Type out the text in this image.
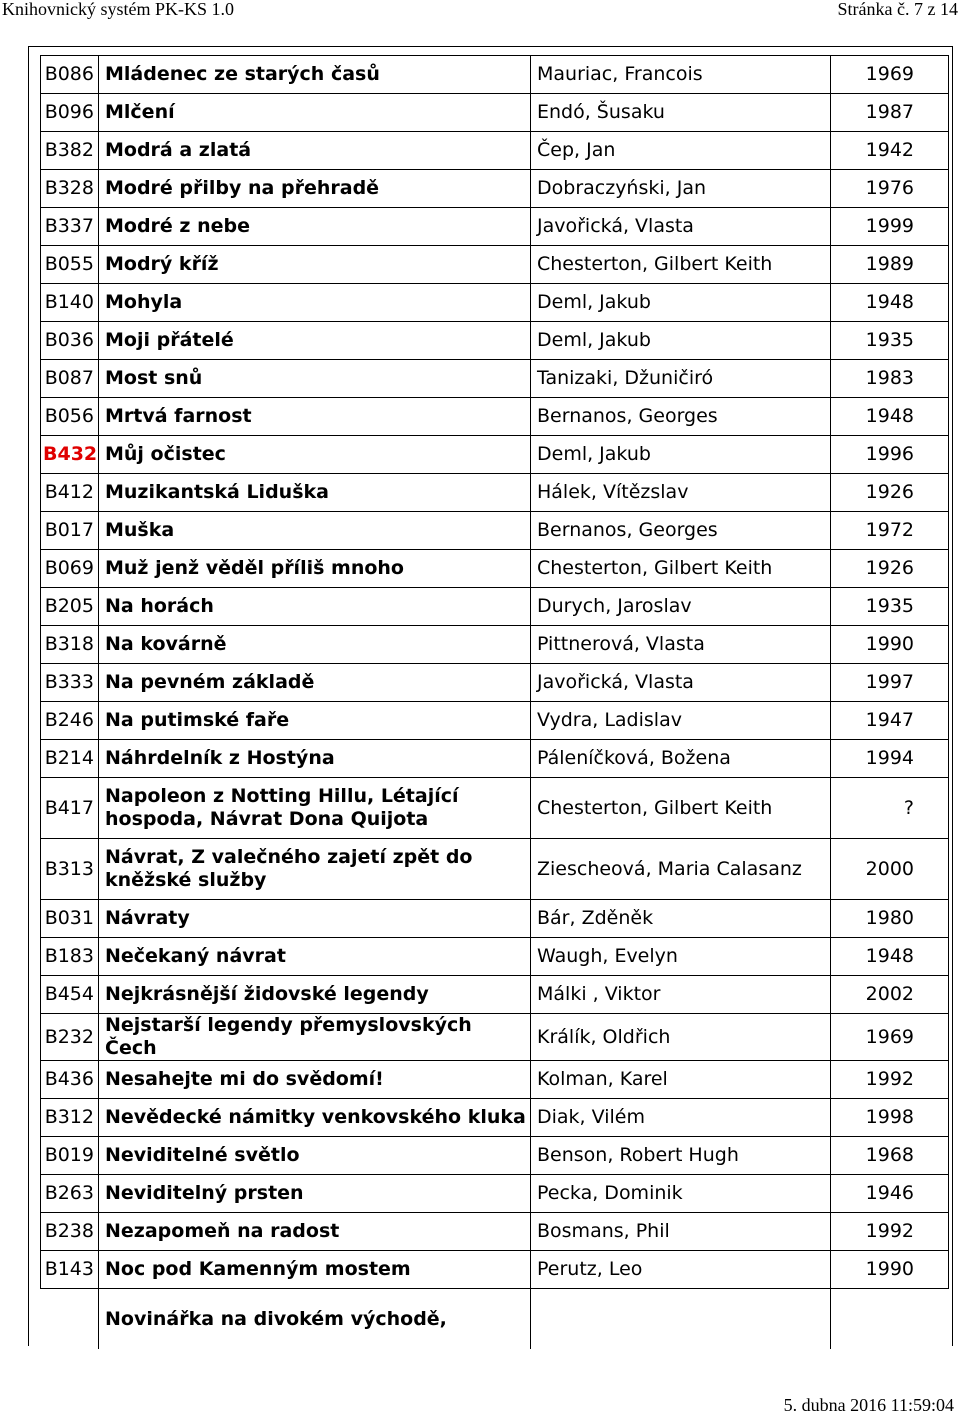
Knihovnický systém PK-KS 1.0	Stránka č. 7 z 14
B086	Mládenec ze starých časů	Mauriac, Francois	1969
B096	Mlčení	Endó, Šusaku	1987
B382	Modrá a zlatá	Čep, Jan	1942
B328	Modré přilby na přehradě	Dobraczyński, Jan	1976
B337	Modré z nebe	Javořická, Vlasta	1999
B055	Modrý kříž	Chesterton, Gilbert Keith	1989
B140	Mohyla	Deml, Jakub	1948
B036	Moji přátelé	Deml, Jakub	1935
B087	Most snů	Tanizaki, Džuničiró	1983
B056	Mrtvá farnost	Bernanos, Georges	1948
B432	Můj očistec	Deml, Jakub	1996
B412	Muzikantská Liduška	Hálek, Vítězslav	1926
B017	Muška	Bernanos, Georges	1972
B069	Muž jenž věděl příliš mnoho	Chesterton, Gilbert Keith	1926
B205	Na horách	Durych, Jaroslav	1935
B318	Na kovárně	Pittnerová, Vlasta	1990
B333	Na pevném základě	Javořická, Vlasta	1997
B246	Na putimské faře	Vydra, Ladislav	1947
B214	Náhrdelník z Hostýna	Páleníčková, Božena	1994
B417	Napoleon z Notting Hillu, Létající hospoda, Návrat Dona Quijota	Chesterton, Gilbert Keith	?
B313	Návrat, Z valečného zajetí zpět do kněžské služby	Ziescheová, Maria Calasanz	2000
B031	Návraty	Bár, Zděněk	1980
B183	Nečekaný návrat	Waugh, Evelyn	1948
B454	Nejkrásnější židovské legendy	Málki , Viktor	2002
B232	Nejstarší legendy přemyslovských Čech	Králík, Oldřich	1969
B436	Nesahejte mi do svědomí!	Kolman, Karel	1992
B312	Nevědecké námitky venkovského kluka	Diak, Vilém	1998
B019	Neviditelné světlo	Benson, Robert Hugh	1968
B263	Neviditelný prsten	Pecka, Dominik	1946
B238	Nezapomeň na radost	Bosmans, Phil	1992
B143	Noc pod Kamenným mostem	Perutz, Leo	1990
	Novinářka na divokém východě,		
5. dubna 2016 11:59:04
